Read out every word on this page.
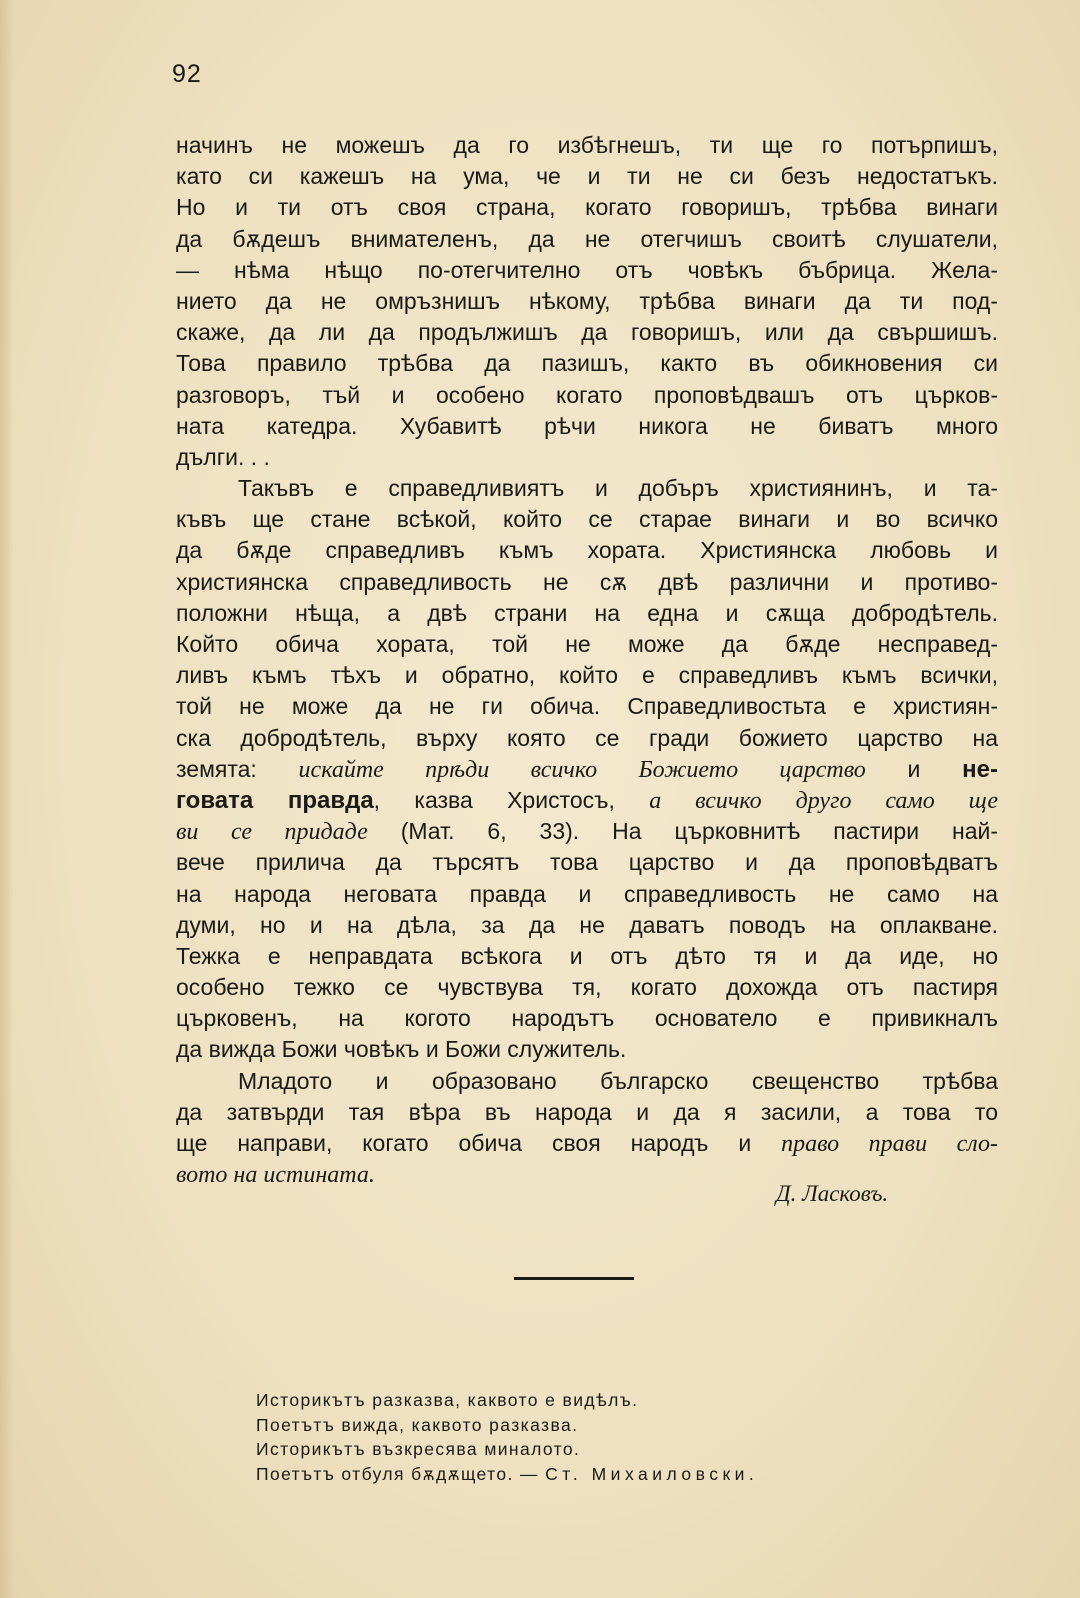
92
начинъ не можешъ да го избѣгнешъ, ти ще го потърпишъ,
като си кажешъ на ума, че и ти не си безъ недостатъкъ.
Но и ти отъ своя страна, когато говоришъ, трѣбва винаги
да бѫдешъ внимателенъ, да не отегчишъ своитѣ слушатели,
— нѣма нѣщо по-отегчително отъ човѣкъ бъбрица. Жела-
нието да не омръзнишъ нѣкому, трѣбва винаги да ти под-
скаже, да ли да продължишъ да говоришъ, или да свършишъ.
Това правило трѣбва да пазишъ, както въ обикновения си
разговоръ, тъй и особено когато проповѣдвашъ отъ църков-
ната катедра. Хубавитѣ рѣчи никога не биватъ много
дълги. . .
Такъвъ е справедливиятъ и добъръ християнинъ, и та-
къвъ ще стане всѣкой, който се старае винаги и во всичко
да бѫде справедливъ къмъ хората. Християнска любовь и
християнска справедливость не сѫ двѣ различни и противо-
положни нѣща, а двѣ страни на една и сѫща добродѣтель.
Който обича хората, той не може да бѫде несправед-
ливъ къмъ тѣхъ и обратно, който е справедливъ къмъ всички,
той не може да не ги обича. Справедливостьта е християн-
ска добродѣтель, върху която се гради божието царство на
земята: искайте прѣди всичко Божието царство и не-
говата правда, казва Христосъ, а всичко друго само ще
ви се придаде (Мат. 6, 33). На църковнитѣ пастири най-
вече прилича да търсятъ това царство и да проповѣдватъ
на народа неговата правда и справедливость не само на
думи, но и на дѣла, за да не даватъ поводъ на оплакване.
Тежка е неправдата всѣкога и отъ дѣто тя и да иде, но
особено тежко се чувствува тя, когато дохожда отъ пастиря
църковенъ, на когото народътъ основателo е привикналъ
да вижда Божи човѣкъ и Божи служитель.
Младото и образовано българско свещенство трѣбва
да затвърди тая вѣра въ народа и да я засили, а това то
ще направи, когато обича своя народъ и право прави сло-
вото на истината.
Д. Ласковъ.
Историкътъ разказва, каквото е видѣлъ.
Поетътъ вижда, каквото разказва.
Историкътъ възкресява миналото.
Поетътъ отбуля бѫдѫщето. — Ст. Михаиловски.
